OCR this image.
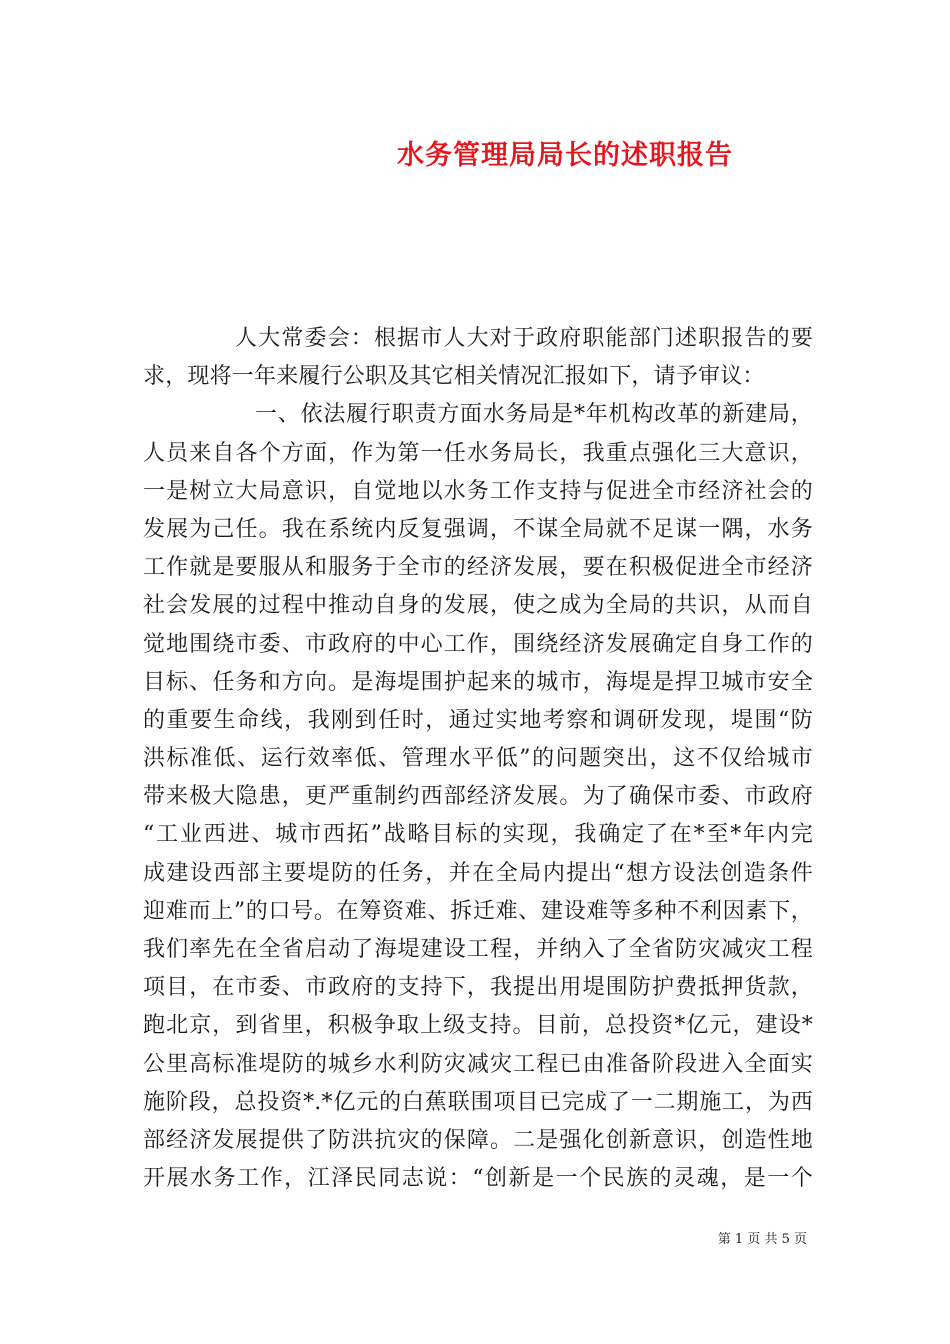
水务管理局局长的述职报告
人大常委会：根据市人大对于政府职能部门述职报告的要
求，现将一年来履行公职及其它相关情况汇报如下，请予审议：
一、依法履行职责方面水务局是*年机构改革的新建局，
人员来自各个方面，作为第一任水务局长，我重点强化三大意识，
一是树立大局意识，自觉地以水务工作支持与促进全市经济社会的
发展为己任。我在系统内反复强调，不谋全局就不足谋一隅，水务
工作就是要服从和服务于全市的经济发展，要在积极促进全市经济
社会发展的过程中推动自身的发展，使之成为全局的共识，从而自
觉地围绕市委、市政府的中心工作，围绕经济发展确定自身工作的
目标、任务和方向。是海堤围护起来的城市，海堤是捍卫城市安全
的重要生命线，我刚到任时，通过实地考察和调研发现，堤围“防
洪标准低、运行效率低、管理水平低”的问题突出，这不仅给城市
带来极大隐患，更严重制约西部经济发展。为了确保市委、市政府
“工业西进、城市西拓”战略目标的实现，我确定了在*至*年内完
成建设西部主要堤防的任务，并在全局内提出“想方设法创造条件
迎难而上”的口号。在筹资难、拆迁难、建设难等多种不利因素下，
我们率先在全省启动了海堤建设工程，并纳入了全省防灾减灾工程
项目，在市委、市政府的支持下，我提出用堤围防护费抵押货款，
跑北京，到省里，积极争取上级支持。目前，总投资*亿元，建设*
公里高标准堤防的城乡水利防灾减灾工程已由准备阶段进入全面实
施阶段，总投资*.*亿元的白蕉联围项目已完成了一二期施工，为西
部经济发展提供了防洪抗灾的保障。二是强化创新意识，创造性地
开展水务工作，江泽民同志说：“创新是一个民族的灵魂，是一个
第 1 页 共 5 页
